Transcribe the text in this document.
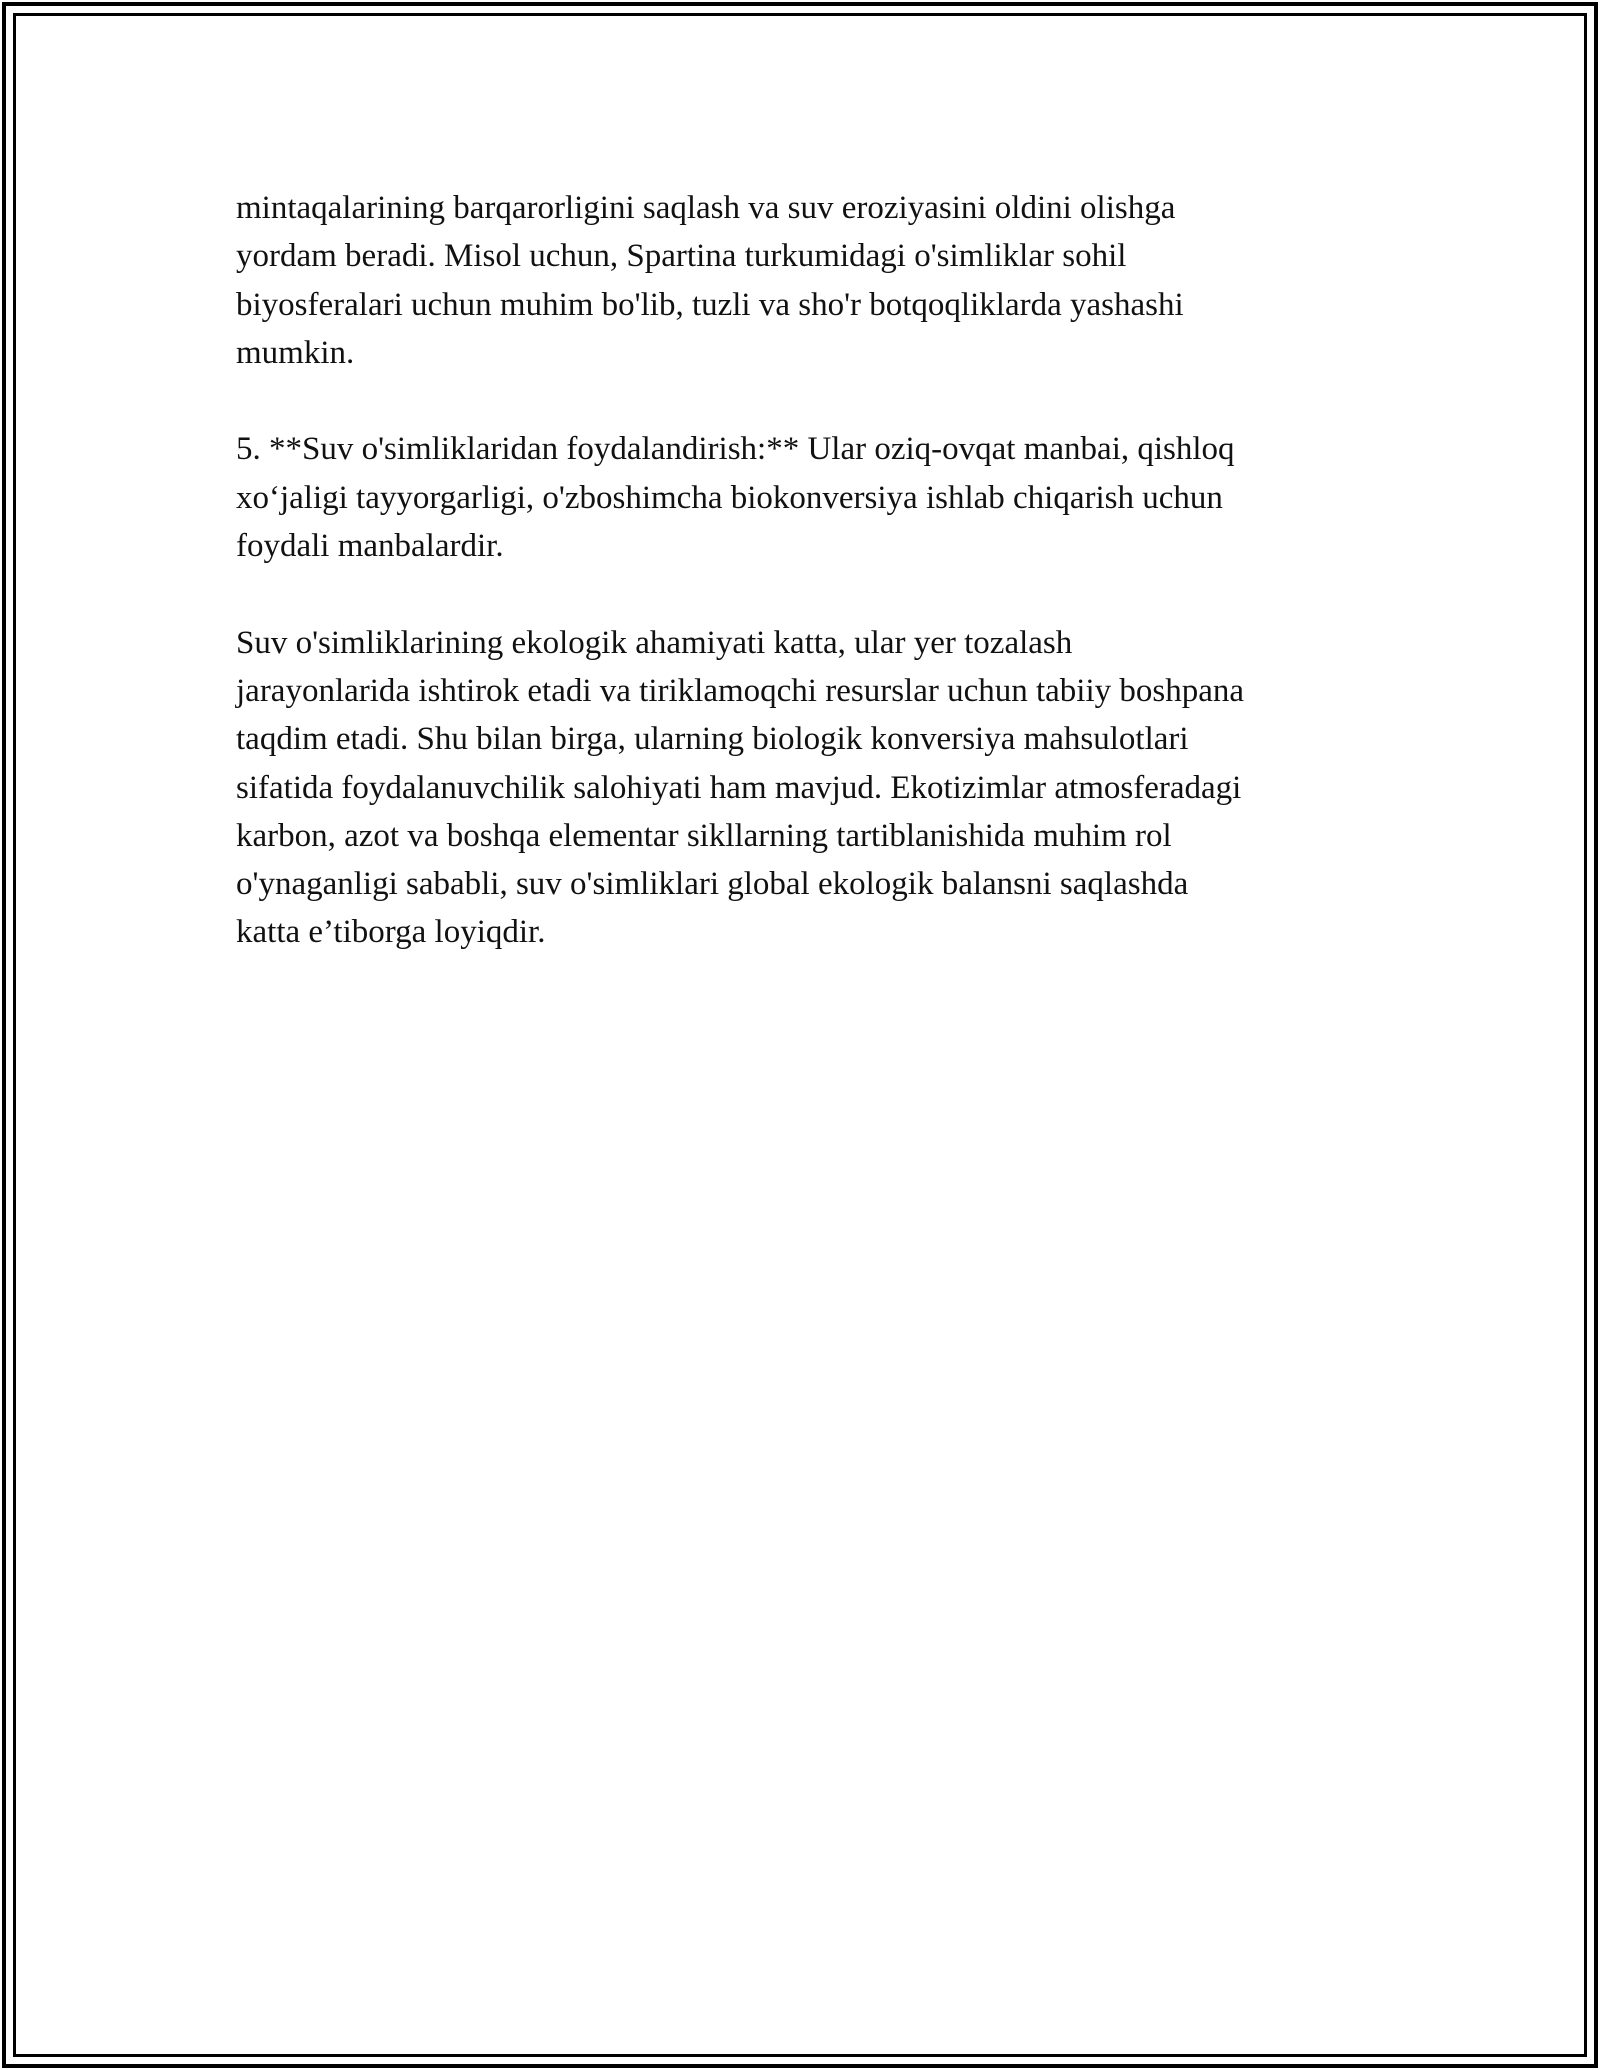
mintaqalarining barqarorligini saqlash va suv eroziyasini oldini olishga
yordam beradi. Misol uchun, Spartina turkumidagi o'simliklar sohil
biyosferalari uchun muhim bo'lib, tuzli va sho'r botqoqliklarda yashashi
mumkin.

5. **Suv o'simliklaridan foydalandirish:** Ular oziq-ovqat manbai, qishloq
xo‘jaligi tayyorgarligi, o'zboshimcha biokonversiya ishlab chiqarish uchun
foydali manbalardir.

Suv o'simliklarining ekologik ahamiyati katta, ular yer tozalash
jarayonlarida ishtirok etadi va tiriklamoqchi resurslar uchun tabiiy boshpana
taqdim etadi. Shu bilan birga, ularning biologik konversiya mahsulotlari
sifatida foydalanuvchilik salohiyati ham mavjud. Ekotizimlar atmosferadagi
karbon, azot va boshqa elementar sikllarning tartiblanishida muhim rol
o'ynaganligi sababli, suv o'simliklari global ekologik balansni saqlashda
katta e’tiborga loyiqdir.
